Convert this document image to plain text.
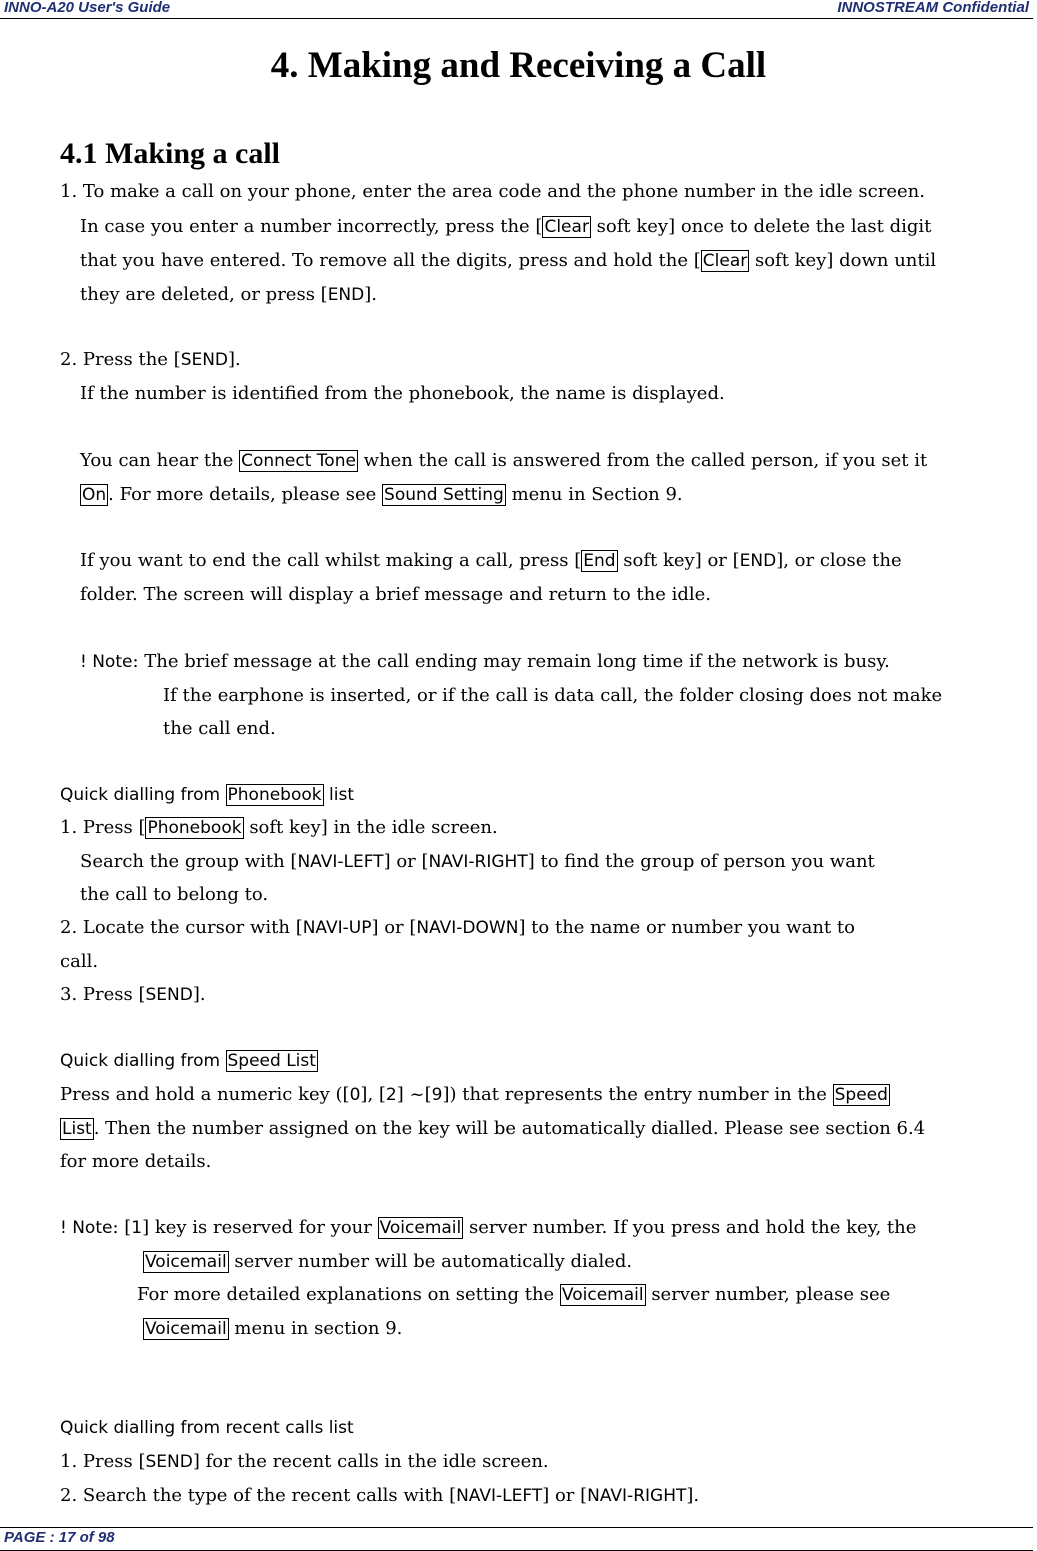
INNO-A20 User's Guide	INNOSTREAM Confidential
4. Making and Receiving a Call
4.1 Making a call
1. To make a call on your phone, enter the area code and the phone number in the idle screen.
In case you enter a number incorrectly, press the [ Clear soft key] once to delete the last digit
that you have entered. To remove all the digits, press and hold the [ Clear soft key] down until
they are deleted, or press [END].
2. Press the [SEND].
If the number is identified from the phonebook, the name is displayed.
You can hear the Connect Tone when the call is answered from the called person, if you set it
On . For more details, please see Sound Setting menu in Section 9.
If you want to end the call whilst making a call, press [ End soft key] or [END], or close the
folder. The screen will display a brief message and return to the idle.
! Note: The brief message at the call ending may remain long time if the network is busy.
If the earphone is inserted, or if the call is data call, the folder closing does not make
the call end.
Quick dialling from Phonebook list
1. Press [ Phonebook soft key] in the idle screen.
Search the group with [NAVI-LEFT] or [NAVI-RIGHT] to find the group of person you want
the call to belong to.
2. Locate the cursor with [NAVI-UP] or [NAVI-DOWN] to the name or number you want to
call.
3. Press [SEND].
Quick dialling from Speed List
Press and hold a numeric key ([0], [2] ~[9]) that represents the entry number in the Speed
List . Then the number assigned on the key will be automatically dialled. Please see section 6.4
for more details.
! Note: [1] key is reserved for your Voicemail server number. If you press and hold the key, the
Voicemail server number will be automatically dialed.
For more detailed explanations on setting the Voicemail server number, please see
Voicemail menu in section 9.
Quick dialling from recent calls list
1. Press [SEND] for the recent calls in the idle screen.
2. Search the type of the recent calls with [NAVI-LEFT] or [NAVI-RIGHT].
PAGE : 17 of 98
